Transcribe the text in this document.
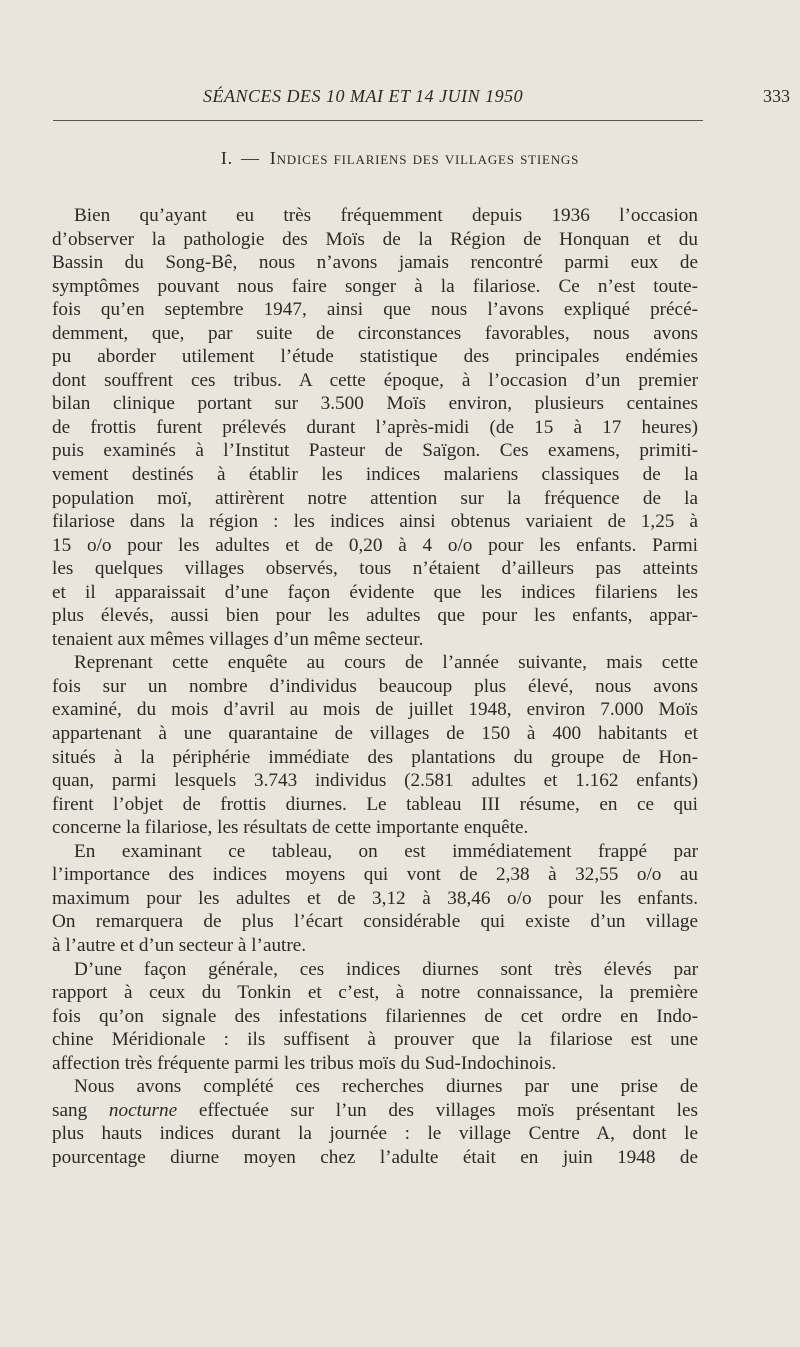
SÉANCES DES 10 MAI ET 14 JUIN 1950	333
I. — Indices filariens des villages stiengs
Bien qu’ayant eu très fréquemment depuis 1936 l’occasion
d’observer la pathologie des Moïs de la Région de Honquan et du
Bassin du Song-Bê, nous n’avons jamais rencontré parmi eux de
symptômes pouvant nous faire songer à la filariose. Ce n’est toute-
fois qu’en septembre 1947, ainsi que nous l’avons expliqué précé-
demment, que, par suite de circonstances favorables, nous avons
pu aborder utilement l’étude statistique des principales endémies
dont souffrent ces tribus. A cette époque, à l’occasion d’un premier
bilan clinique portant sur 3.500 Moïs environ, plusieurs centaines
de frottis furent prélevés durant l’après-midi (de 15 à 17 heures)
puis examinés à l’Institut Pasteur de Saïgon. Ces examens, primiti-
vement destinés à établir les indices malariens classiques de la
population moï, attirèrent notre attention sur la fréquence de la
filariose dans la région : les indices ainsi obtenus variaient de 1,25 à
15 o/o pour les adultes et de 0,20 à 4 o/o pour les enfants. Parmi
les quelques villages observés, tous n’étaient d’ailleurs pas atteints
et il apparaissait d’une façon évidente que les indices filariens les
plus élevés, aussi bien pour les adultes que pour les enfants, appar-
tenaient aux mêmes villages d’un même secteur.
Reprenant cette enquête au cours de l’année suivante, mais cette
fois sur un nombre d’individus beaucoup plus élevé, nous avons
examiné, du mois d’avril au mois de juillet 1948, environ 7.000 Moïs
appartenant à une quarantaine de villages de 150 à 400 habitants et
situés à la périphérie immédiate des plantations du groupe de Hon-
quan, parmi lesquels 3.743 individus (2.581 adultes et 1.162 enfants)
firent l’objet de frottis diurnes. Le tableau III résume, en ce qui
concerne la filariose, les résultats de cette importante enquête.
En examinant ce tableau, on est immédiatement frappé par
l’importance des indices moyens qui vont de 2,38 à 32,55 o/o au
maximum pour les adultes et de 3,12 à 38,46 o/o pour les enfants.
On remarquera de plus l’écart considérable qui existe d’un village
à l’autre et d’un secteur à l’autre.
D’une façon générale, ces indices diurnes sont très élevés par
rapport à ceux du Tonkin et c’est, à notre connaissance, la première
fois qu’on signale des infestations filariennes de cet ordre en Indo-
chine Méridionale : ils suffisent à prouver que la filariose est une
affection très fréquente parmi les tribus moïs du Sud-Indochinois.
Nous avons complété ces recherches diurnes par une prise de
sang nocturne effectuée sur l’un des villages moïs présentant les
plus hauts indices durant la journée : le village Centre A, dont le
pourcentage diurne moyen chez l’adulte était en juin 1948 de
